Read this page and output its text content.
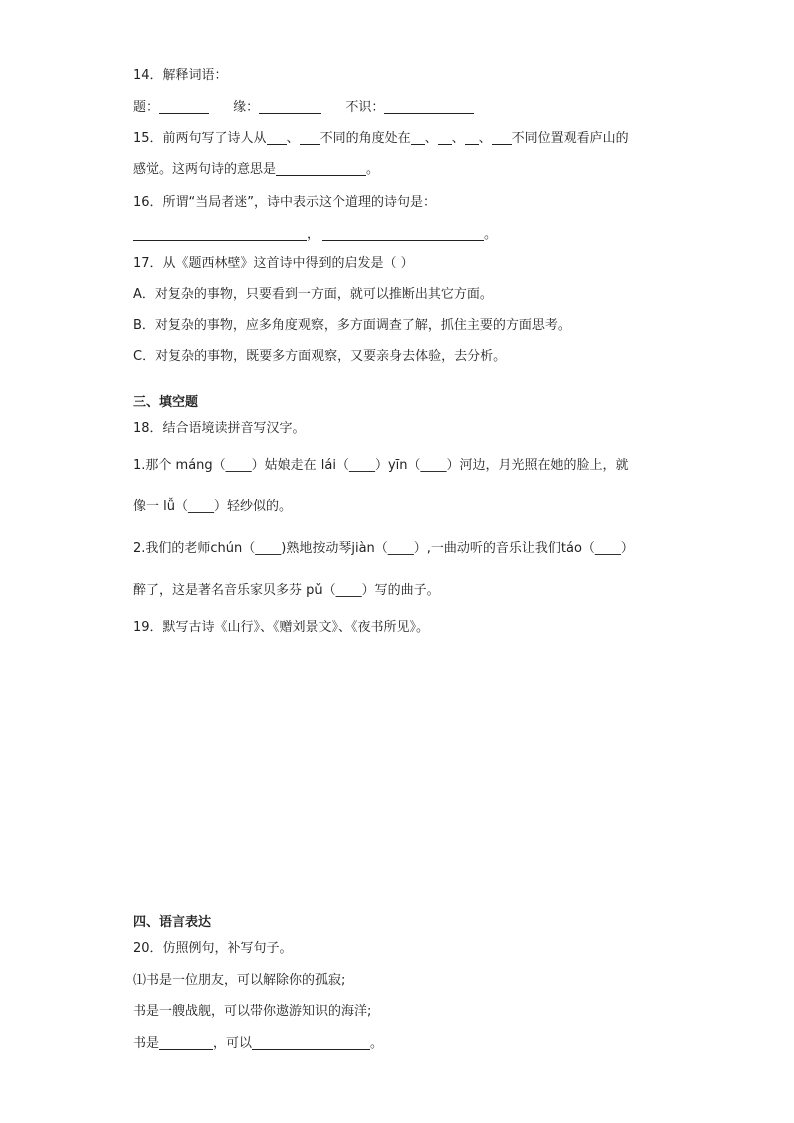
14．解释词语：
题：	缘：	不识：
15．前两句写了诗人从 、 不同的角度处在 、 、 、 不同位置观看庐山的
感觉。这两句诗的意思是	。
16．所谓“当局者迷”，诗中表示这个道理的诗句是：
，	。
17．从《题西林壁》这首诗中得到的启发是（ ）
A．对复杂的事物，只要看到一方面，就可以推断出其它方面。
B．对复杂的事物，应多角度观察，多方面调查了解，抓住主要的方面思考。
C．对复杂的事物，既要多方面观察，又要亲身去体验，去分析。
三、填空题
18．结合语境读拼音写汉字。
1.那个 máng（____）姑娘走在 lái（____）yīn（____）河边，月光照在她的脸上，就
像一 lǚ（____）轻纱似的。
2.我们的老师chún（____)熟地按动琴jiàn（____）,一曲动听的音乐让我们táo（____）
醉了，这是著名音乐家贝多芬 pǔ（____）写的曲子。
19．默写古诗《山行》、《赠刘景文》、《夜书所见》。
四、语言表达
20．仿照例句，补写句子。
⑴书是一位朋友，可以解除你的孤寂;
书是一艘战舰，可以带你遨游知识的海洋;
书是	，可以	。
